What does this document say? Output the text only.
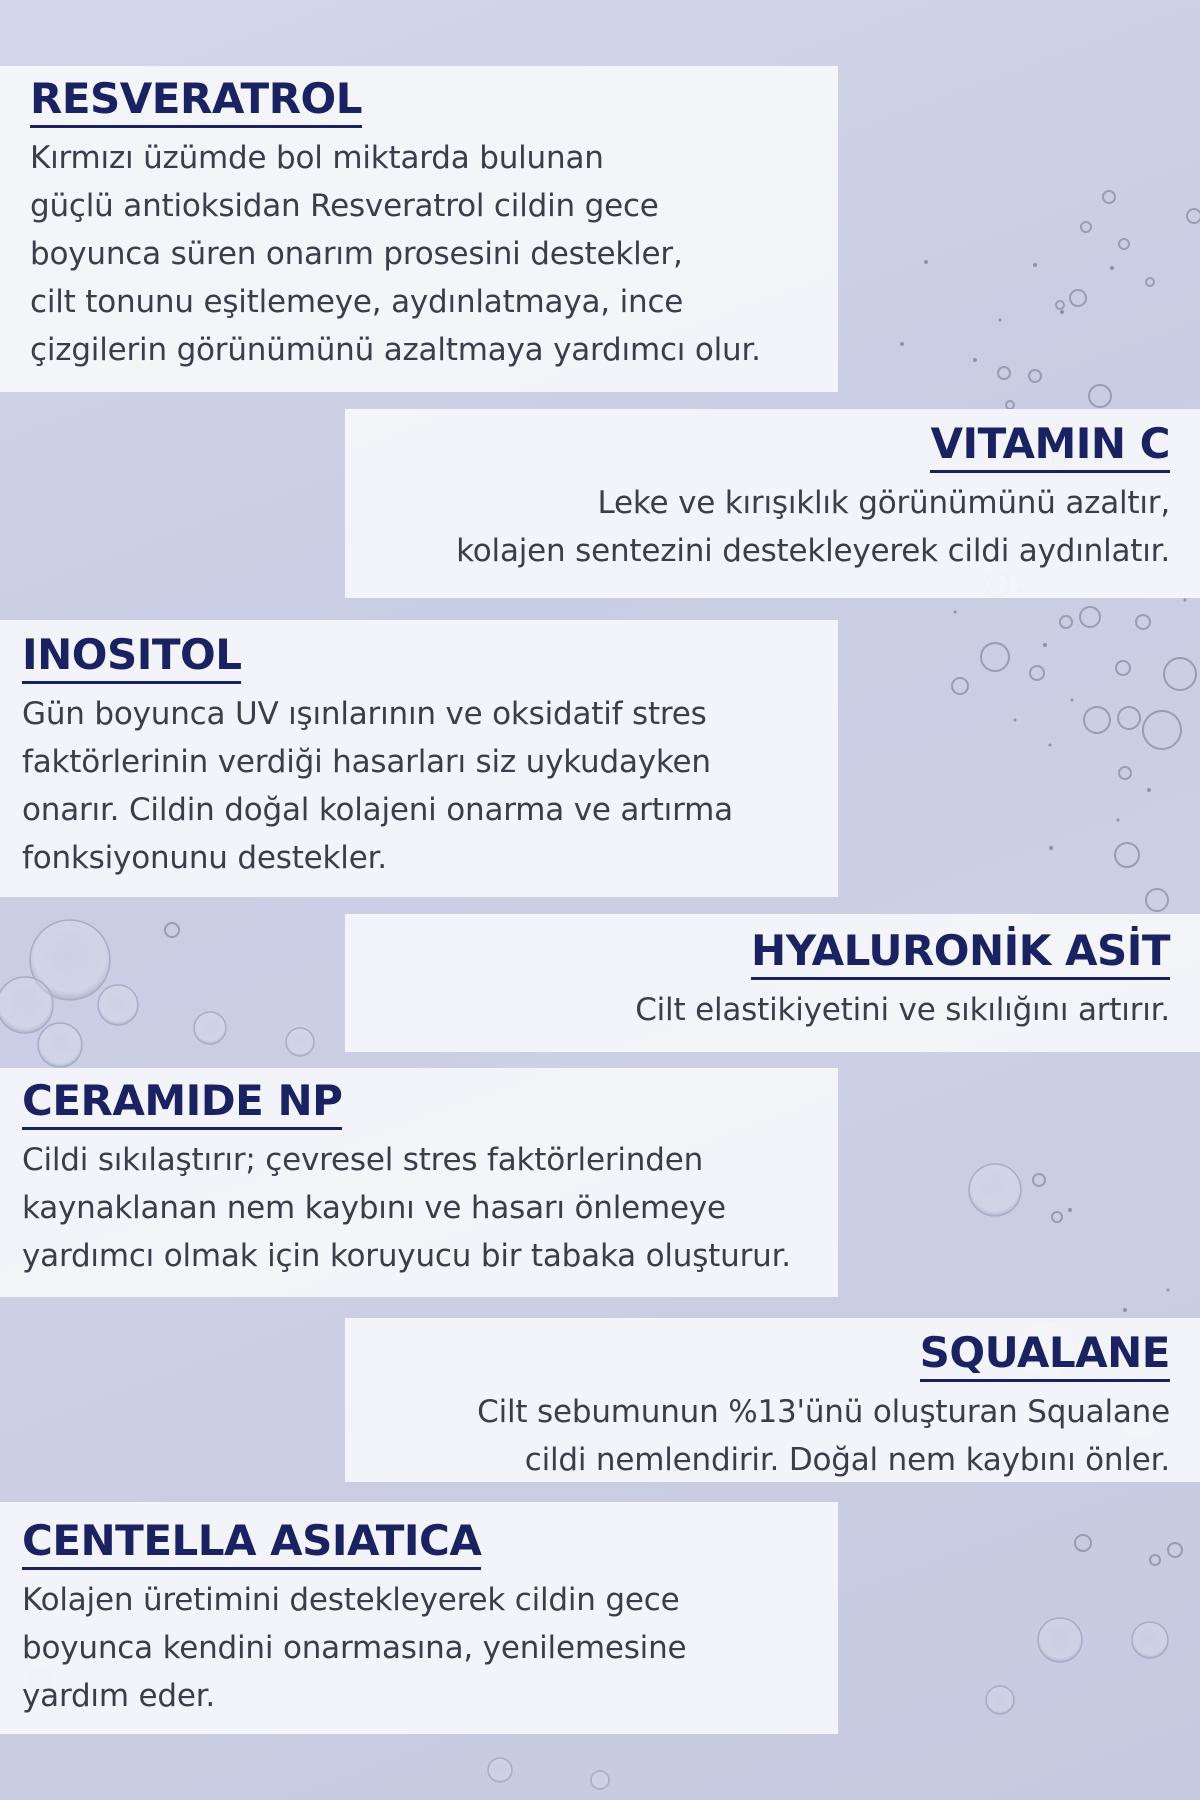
RESVERATROL
Kırmızı üzümde bol miktarda bulunan
güçlü antioksidan Resveratrol cildin gece
boyunca süren onarım prosesini destekler,
cilt tonunu eşitlemeye, aydınlatmaya, ince
çizgilerin görünümünü azaltmaya yardımcı olur.
VITAMIN C
Leke ve kırışıklık görünümünü azaltır,
kolajen sentezini destekleyerek cildi aydınlatır.
INOSITOL
Gün boyunca UV ışınlarının ve oksidatif stres
faktörlerinin verdiği hasarları siz uykudayken
onarır. Cildin doğal kolajeni onarma ve artırma
fonksiyonunu destekler.
HYALURONİK ASİT
Cilt elastikiyetini ve sıkılığını artırır.
CERAMIDE NP
Cildi sıkılaştırır; çevresel stres faktörlerinden
kaynaklanan nem kaybını ve hasarı önlemeye
yardımcı olmak için koruyucu bir tabaka oluşturur.
SQUALANE
Cilt sebumunun %13'ünü oluşturan Squalane
cildi nemlendirir. Doğal nem kaybını önler.
CENTELLA ASIATICA
Kolajen üretimini destekleyerek cildin gece
boyunca kendini onarmasına, yenilemesine
yardım eder.
